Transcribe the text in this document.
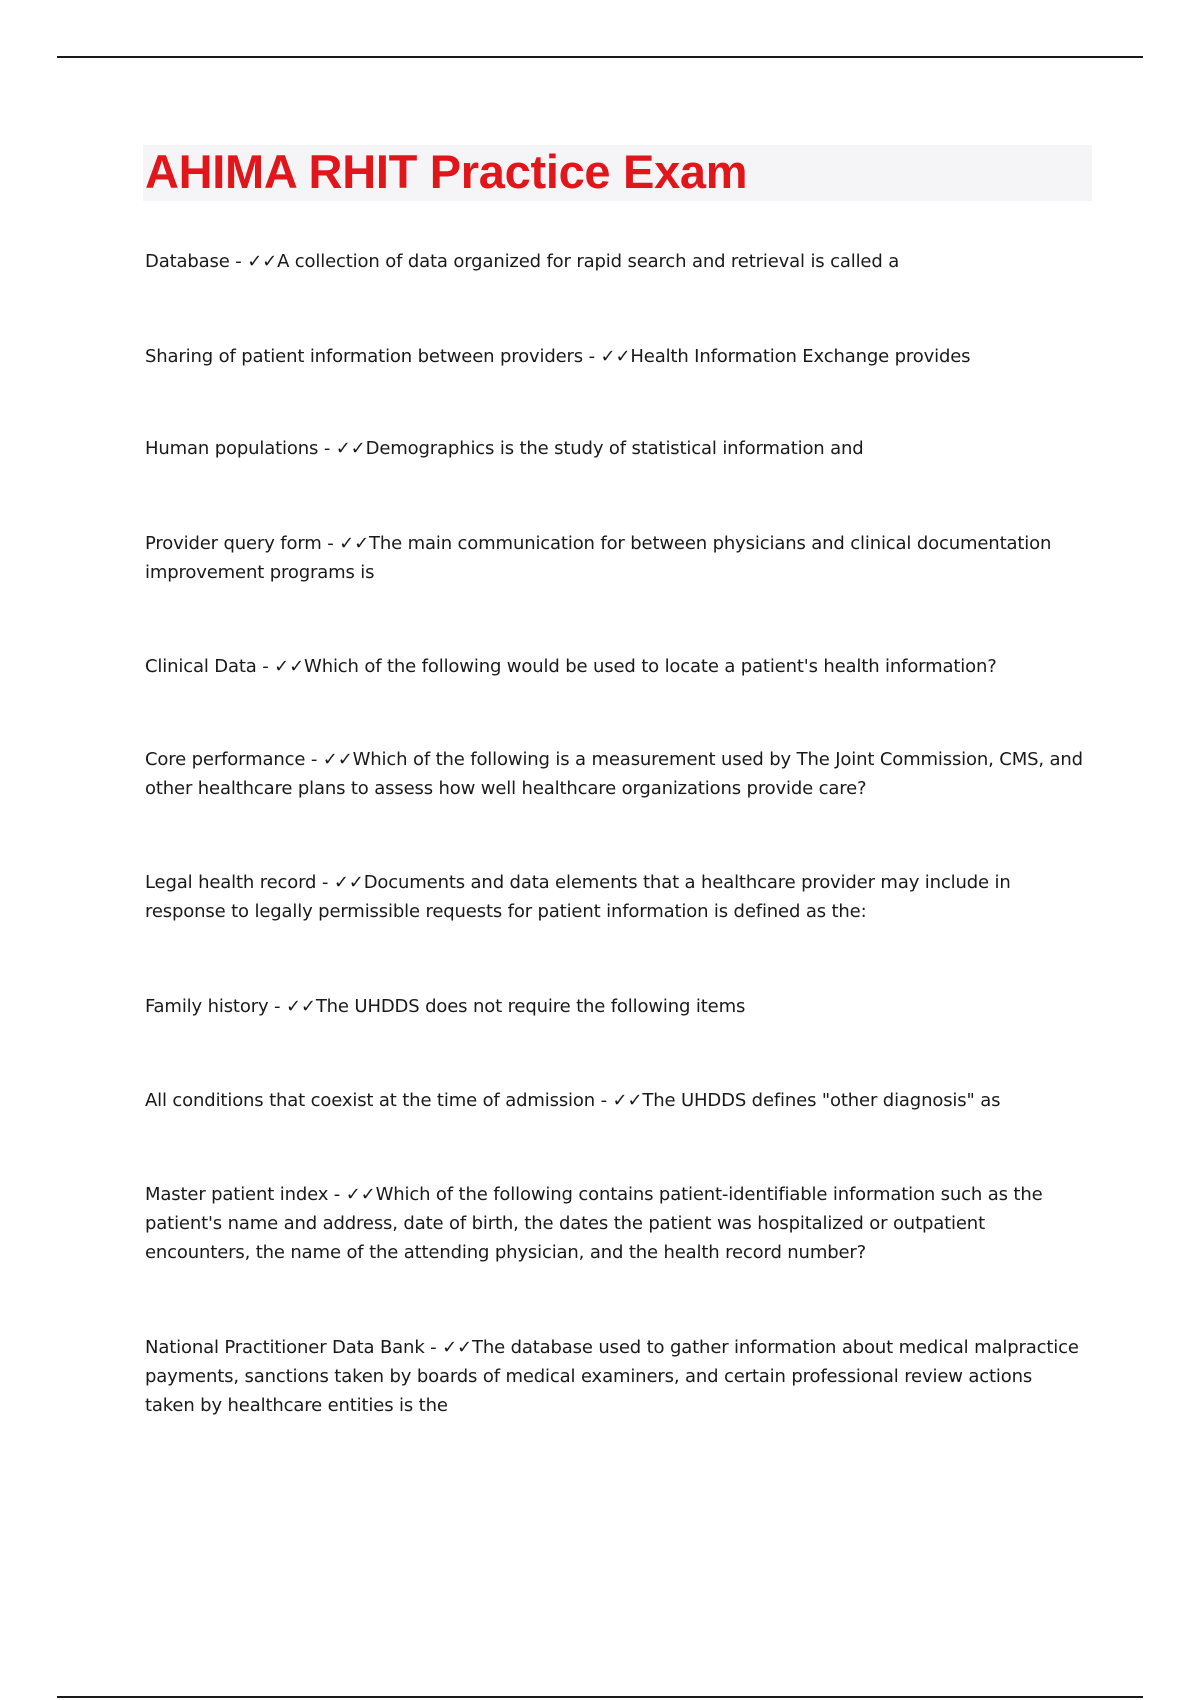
AHIMA RHIT Practice Exam
Database - ✓✓A collection of data organized for rapid search and retrieval is called a
Sharing of patient information between providers - ✓✓Health Information Exchange provides
Human populations - ✓✓Demographics is the study of statistical information and
Provider query form - ✓✓The main communication for between physicians and clinical documentation improvement programs is
Clinical Data - ✓✓Which of the following would be used to locate a patient's health information?
Core performance - ✓✓Which of the following is a measurement used by The Joint Commission, CMS, and other healthcare plans to assess how well healthcare organizations provide care?
Legal health record - ✓✓Documents and data elements that a healthcare provider may include in response to legally permissible requests for patient information is defined as the:
Family history - ✓✓The UHDDS does not require the following items
All conditions that coexist at the time of admission - ✓✓The UHDDS defines "other diagnosis" as
Master patient index - ✓✓Which of the following contains patient-identifiable information such as the patient's name and address, date of birth, the dates the patient was hospitalized or outpatient encounters, the name of the attending physician, and the health record number?
National Practitioner Data Bank - ✓✓The database used to gather information about medical malpractice payments, sanctions taken by boards of medical examiners, and certain professional review actions taken by healthcare entities is the
